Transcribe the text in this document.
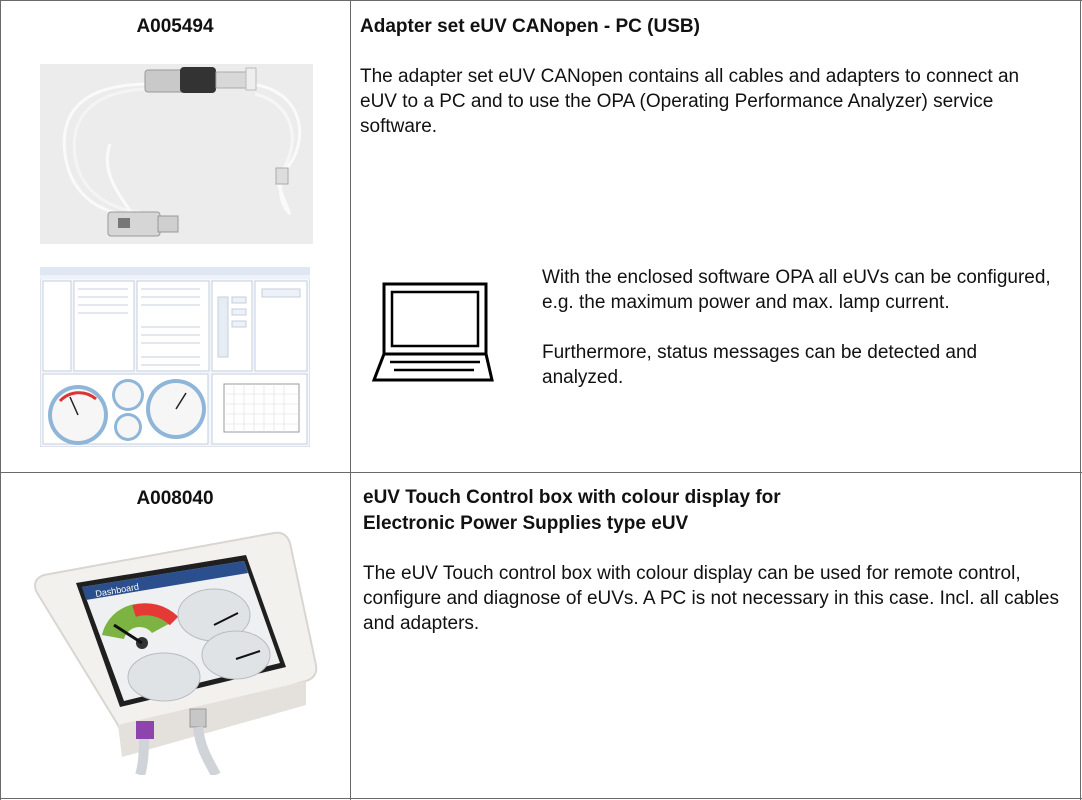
A005494	Adapter set eUV CANopen - PC (USB)
The adapter set eUV CANopen contains all cables and adapters to connect an eUV to a PC and to use the OPA (Operating Performance Analyzer) service software.
With the enclosed software OPA all eUVs can be configured, e.g. the maximum power and max. lamp current.
Furthermore, status messages can be detected and analyzed.
A008040
Dashboard
eUV Touch Control box with colour display for
Electronic Power Supplies type eUV
The eUV Touch control box with colour display can be used for remote control, configure and diagnose of eUVs. A PC is not necessary in this case. Incl. all cables and adapters.
